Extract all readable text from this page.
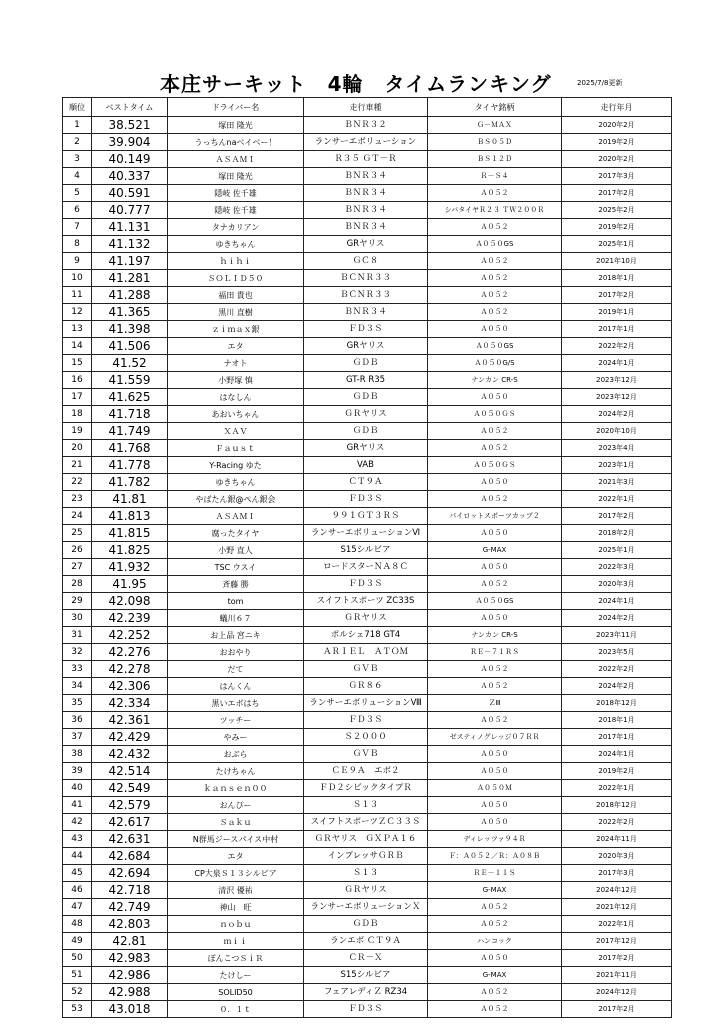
本庄サーキット　4輪　タイムランキング	2025/7/8更新
順位	ベストタイム	ドライバー名	走行車種	タイヤ銘柄	走行年月
1	38.521	塚田 隆光	ＢＮＲ３２	Ｇ－ＭＡＸ	2020年2月
2	39.904	うっちんnaベイベー！	ランサーエボリューション	ＢＳ０５Ｄ	2019年2月
3	40.149	ＡＳＡＭＩ	Ｒ３５ ＧＴ－Ｒ	ＢＳ１２Ｄ	2020年2月
4	40.337	塚田 隆光	ＢＮＲ３４	Ｒ－Ｓ４	2017年3月
5	40.591	隠岐 佐千雄	ＢＮＲ３４	Ａ０５２	2017年2月
6	40.777	隠岐 佐千雄	ＢＮＲ３４	シバタイヤＲ２３ ＴＷ２００Ｒ	2025年2月
7	41.131	タナカリアン	ＢＮＲ３４	Ａ０５２	2019年2月
8	41.132	ゆきちゃん	GRヤリス	Ａ０５０GS	2025年1月
9	41.197	ｈｉｈｉ	ＧＣ８	Ａ０５２	2021年10月
10	41.281	ＳＯＬＩＤ５０	ＢＣＮＲ３３	Ａ０５２	2018年1月
11	41.288	福田 貴也	ＢＣＮＲ３３	Ａ０５２	2017年2月
12	41.365	黒川 直樹	ＢＮＲ３４	Ａ０５２	2019年1月
13	41.398	ｚｉｍａｘ銀	ＦＤ３Ｓ	Ａ０５０	2017年1月
14	41.506	エタ	GRヤリス	Ａ０５０GS	2022年2月
15	41.52	ナオト	ＧＤＢ	Ａ０５０G/S	2024年1月
16	41.559	小野塚 慎	GT-R R35	ナンカン CR-S	2023年12月
17	41.625	はなしん	ＧＤＢ	Ａ０５０	2023年12月
18	41.718	あおいちゃん	ＧＲヤリス	Ａ０５０ＧＳ	2024年2月
19	41.749	ＸＡＶ	ＧＤＢ	Ａ０５２	2020年10月
20	41.768	Ｆａｕｓｔ	GRヤリス	Ａ０５２	2023年4月
21	41.778	Y-Racing ゆた	VAB	Ａ０５０ＧＳ	2023年1月
22	41.782	ゆきちゃん	ＣＴ９Ａ	Ａ０５０	2021年3月
23	41.81	やばたん銀@ぺん銀会	ＦＤ３Ｓ	Ａ０５２	2022年1月
24	41.813	ＡＳＡＭＩ	９９１ＧＴ３ＲＳ	パイロットスポーツカップ２	2017年2月
25	41.815	腐ったタイヤ	ランサーエボリューションⅥ	Ａ０５０	2018年2月
26	41.825	小野 直人	S15シルビア	G-MAX	2025年1月
27	41.932	TSC ウスイ	ロードスターＮＡ８Ｃ	Ａ０５０	2022年3月
28	41.95	斉藤 勝	ＦＤ３Ｓ	Ａ０５２	2020年3月
29	42.098	tom	スイフトスポーツ ZC33S	Ａ０５０GS	2024年1月
30	42.239	蟻川６７	ＧＲヤリス	Ａ０５０	2024年2月
31	42.252	お上品 宮ニキ	ポルシェ718 GT4	ナンカン CR-S	2023年11月
32	42.276	おおやり	ＡＲＩＥＬ　ＡＴＯＭ	ＲＥ－７１ＲＳ	2023年5月
33	42.278	だて	ＧＶＢ	Ａ０５２	2022年2月
34	42.306	はんくん	ＧＲ８６	Ａ０５２	2024年2月
35	42.334	黒いエボはち	ランサーエボリューションⅧ	ＺⅢ	2018年12月
36	42.361	ツッチー	ＦＤ３Ｓ	Ａ０５２	2018年1月
37	42.429	やみー	Ｓ２０００	ゼスティノグレッジ０７ＲＲ	2017年1月
38	42.432	おぶら	ＧＶＢ	Ａ０５０	2024年1月
39	42.514	たけちゃん	ＣＥ９Ａ　エボ２	Ａ０５０	2019年2月
40	42.549	ｋａｎｓｅｎ００	ＦＤ２シビックタイプＲ	Ａ０５０Ｍ	2022年1月
41	42.579	おんぴー	Ｓ１３	Ａ０５０	2018年12月
42	42.617	Ｓａｋｕ	スイフトスポーツＺＣ３３Ｓ	Ａ０５０	2022年2月
43	42.631	N群馬ジースパイス中村	ＧＲヤリス　ＧＸＰＡ１６	ディレッツァ９４Ｒ	2024年11月
44	42.684	エタ	インプレッサＧＲＢ	Ｆ：Ａ０５２／Ｒ：Ａ０８Ｂ	2020年3月
45	42.694	CP大泉Ｓ１３シルビア	Ｓ１３	ＲＥ－１１Ｓ	2017年3月
46	42.718	清沢 優祐	ＧＲヤリス	G-MAX	2024年12月
47	42.749	神山　旺	ランサーエボリューションＸ	Ａ０５２	2021年12月
48	42.803	ｎｏｂｕ	ＧＤＢ	Ａ０５２	2022年1月
49	42.81	ｍｉｉ	ランエボ ＣＴ９Ａ	ハンコック	2017年12月
50	42.983	ぽんこつＳｉＲ	ＣＲ－Ｘ	Ａ０５０	2017年2月
51	42.986	たけしー	S15シルビア	G-MAX	2021年11月
52	42.988	SOLID50	フェアレディＺ RZ34	Ａ０５２	2024年12月
53	43.018	０．１ｔ	ＦＤ３Ｓ	Ａ０５２	2017年2月
